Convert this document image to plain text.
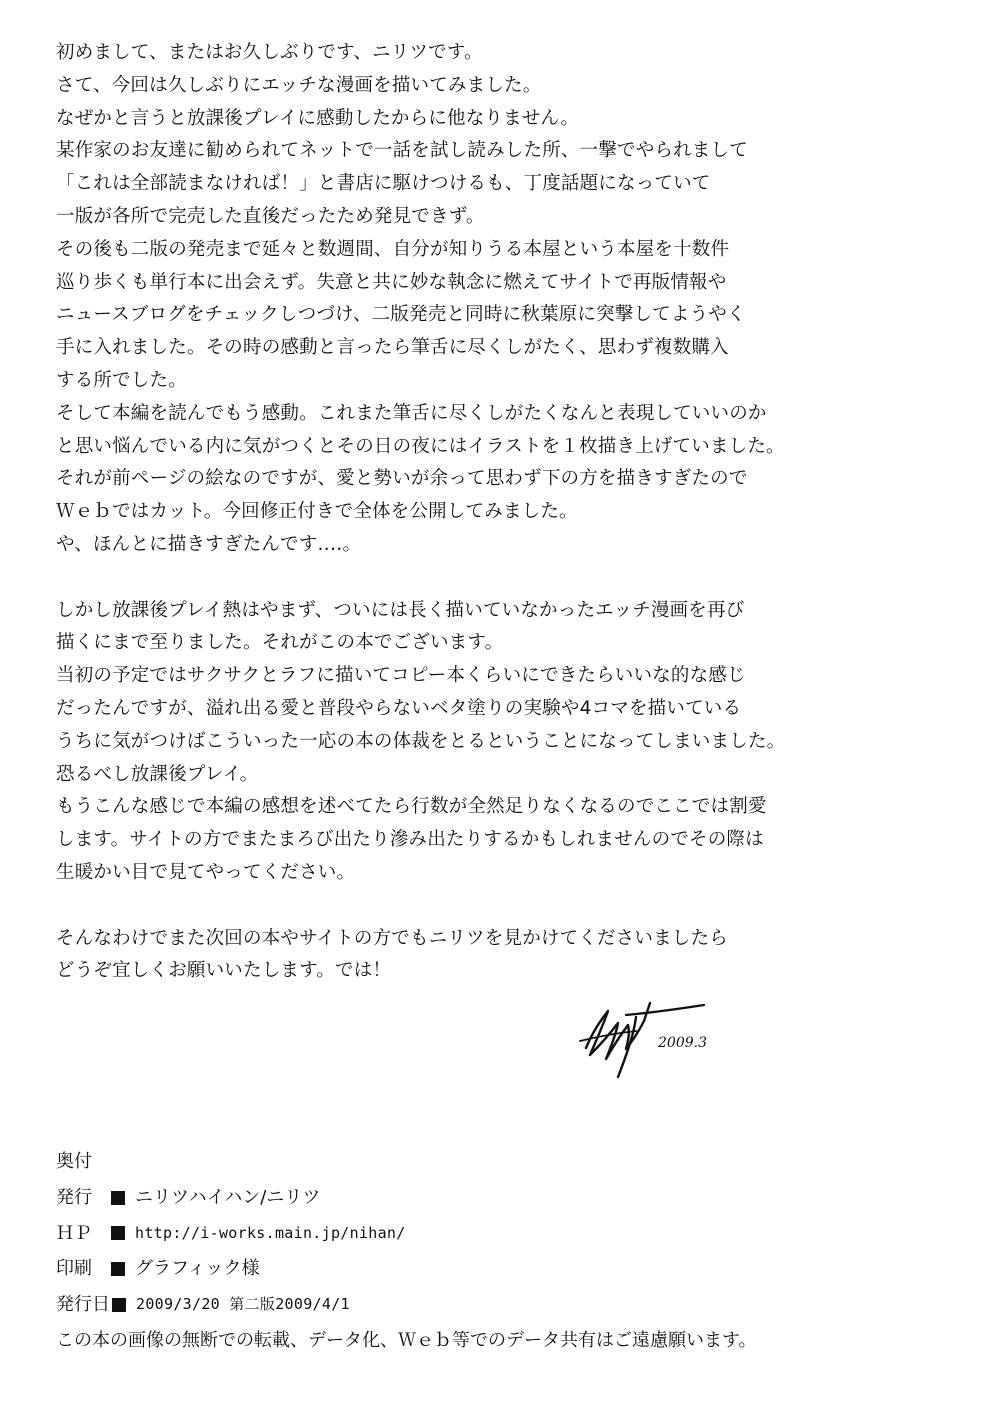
初めまして、またはお久しぶりです、ニリツです。
さて、今回は久しぶりにエッチな漫画を描いてみました。
なぜかと言うと放課後プレイに感動したからに他なりません。
某作家のお友達に勧められてネットで一話を試し読みした所、一撃でやられまして
「これは全部読まなければ！」と書店に駆けつけるも、丁度話題になっていて
一版が各所で完売した直後だったため発見できず。
その後も二版の発売まで延々と数週間、自分が知りうる本屋という本屋を十数件
巡り歩くも単行本に出会えず。失意と共に妙な執念に燃えてサイトで再版情報や
ニュースブログをチェックしつづけ、二版発売と同時に秋葉原に突撃してようやく
手に入れました。その時の感動と言ったら筆舌に尽くしがたく、思わず複数購入
する所でした。
そして本編を読んでもう感動。これまた筆舌に尽くしがたくなんと表現していいのか
と思い悩んでいる内に気がつくとその日の夜にはイラストを１枚描き上げていました。
それが前ページの絵なのですが、愛と勢いが余って思わず下の方を描きすぎたので
Ｗｅｂではカット。今回修正付きで全体を公開してみました。
や、ほんとに描きすぎたんです‥‥。
しかし放課後プレイ熱はやまず、ついには長く描いていなかったエッチ漫画を再び
描くにまで至りました。それがこの本でございます。
当初の予定ではサクサクとラフに描いてコピー本くらいにできたらいいな的な感じ
だったんですが、溢れ出る愛と普段やらないベタ塗りの実験や4コマを描いている
うちに気がつけばこういった一応の本の体裁をとるということになってしまいました。
恐るべし放課後プレイ。
もうこんな感じで本編の感想を述べてたら行数が全然足りなくなるのでここでは割愛
します。サイトの方でまたまろび出たり滲み出たりするかもしれませんのでその際は
生暖かい目で見てやってください。
そんなわけでまた次回の本やサイトの方でもニリツを見かけてくださいましたら
どうぞ宜しくお願いいたします。では！
2009.3
奥付
発行	ニリツハイハン/ニリツ
ＨＰ	http://i-works.main.jp/nihan/
印刷	グラフィック様
発行日 2009/3/20 第二版2009/4/1
この本の画像の無断での転載、データ化、Ｗｅｂ等でのデータ共有はご遠慮願います。
